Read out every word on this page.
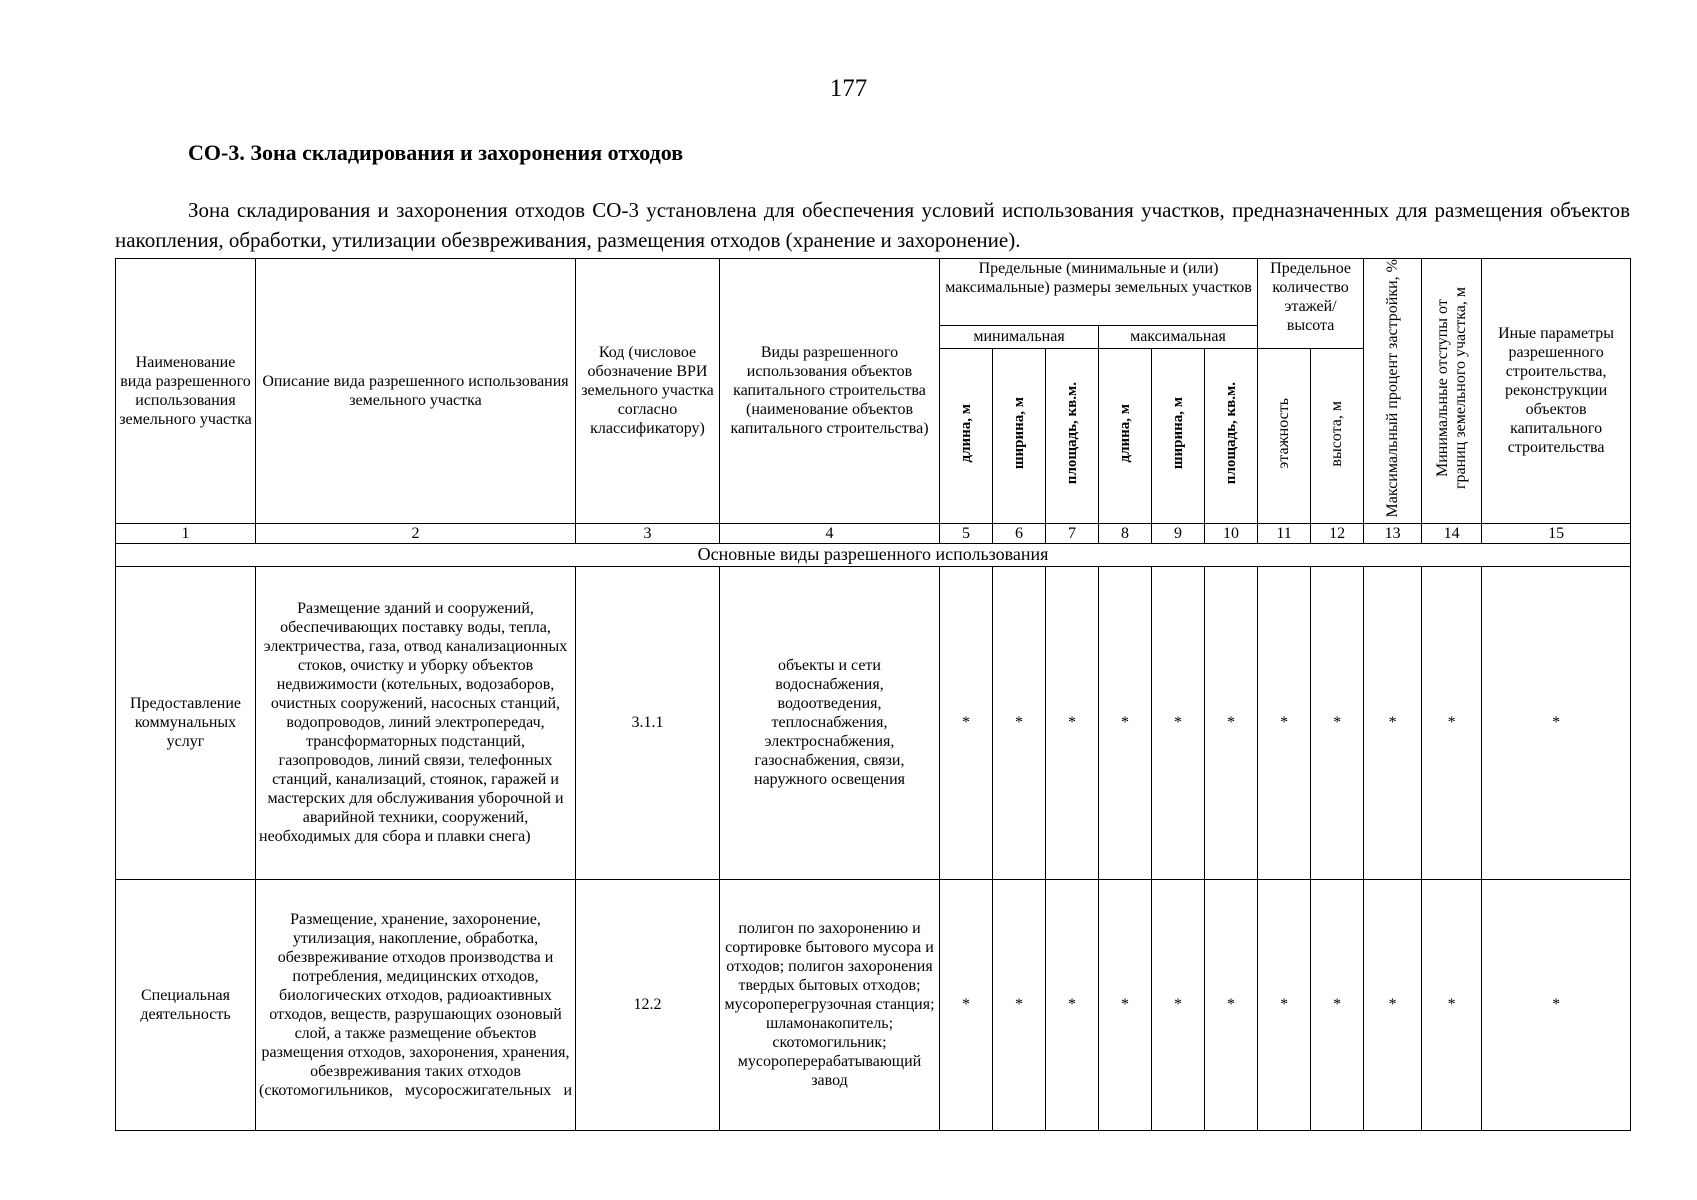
177
СО-3. Зона складирования и захоронения отходов
Зона складирования и захоронения отходов СО-3 установлена для обеспечения условий использования участков, предназначенных для размещения объектов накопления, обработки, утилизации обезвреживания, размещения отходов (хранение и захоронение).
Наименование вида разрешенного использования земельного участка	Описание вида разрешенного использования земельного участка	Код (числовое обозначение ВРИ земельного участка согласно классификатору)	Виды разрешенного использования объектов капитального строительства (наименование объектов капитального строительства)	Предельные (минимальные и (или) максимальные) размеры земельных участков						Предельное количество этажей/ высота		Максимальный процент застройки, %	Минимальные отступы от границ земельного участка, м	Иные параметры разрешенного строительства, реконструкции объектов капитального строительства
				минимальная			максимальная							
				длина, м	ширина, м	площадь, кв.м.	длина, м	ширина, м	площадь, кв.м.	этажность	высота, м			
1	2	3	4	5	6	7	8	9	10	11	12	13	14	15
Основные виды разрешенного использования														
Предоставление коммунальных услуг	Размещение зданий и сооружений, обеспечивающих поставку воды, тепла, электричества, газа, отвод канализационных стоков, очистку и уборку объектов недвижимости (котельных, водозаборов, очистных сооружений, насосных станций, водопроводов, линий электропередач, трансформаторных подстанций, газопроводов, линий связи, телефонных станций, канализаций, стоянок, гаражей и мастерских для обслуживания уборочной и аварийной техники, сооружений, необходимых для сбора и плавки снега)	3.1.1	объекты и сети водоснабжения, водоотведения, теплоснабжения, электроснабжения, газоснабжения, связи, наружного освещения	*	*	*	*	*	*	*	*	*	*	*
Специальная деятельность	Размещение, хранение, захоронение, утилизация, накопление, обработка, обезвреживание отходов производства и потребления, медицинских отходов, биологических отходов, радиоактивных отходов, веществ, разрушающих озоновый слой, а также размещение объектов размещения отходов, захоронения, хранения, обезвреживания таких отходов (скотомогильников, мусоросжигательных и	12.2	полигон по захоронению и сортировке бытового мусора и отходов; полигон захоронения твердых бытовых отходов; мусороперегрузочная станция; шламонакопитель; скотомогильник; мусороперерабатывающий завод	*	*	*	*	*	*	*	*	*	*	*
